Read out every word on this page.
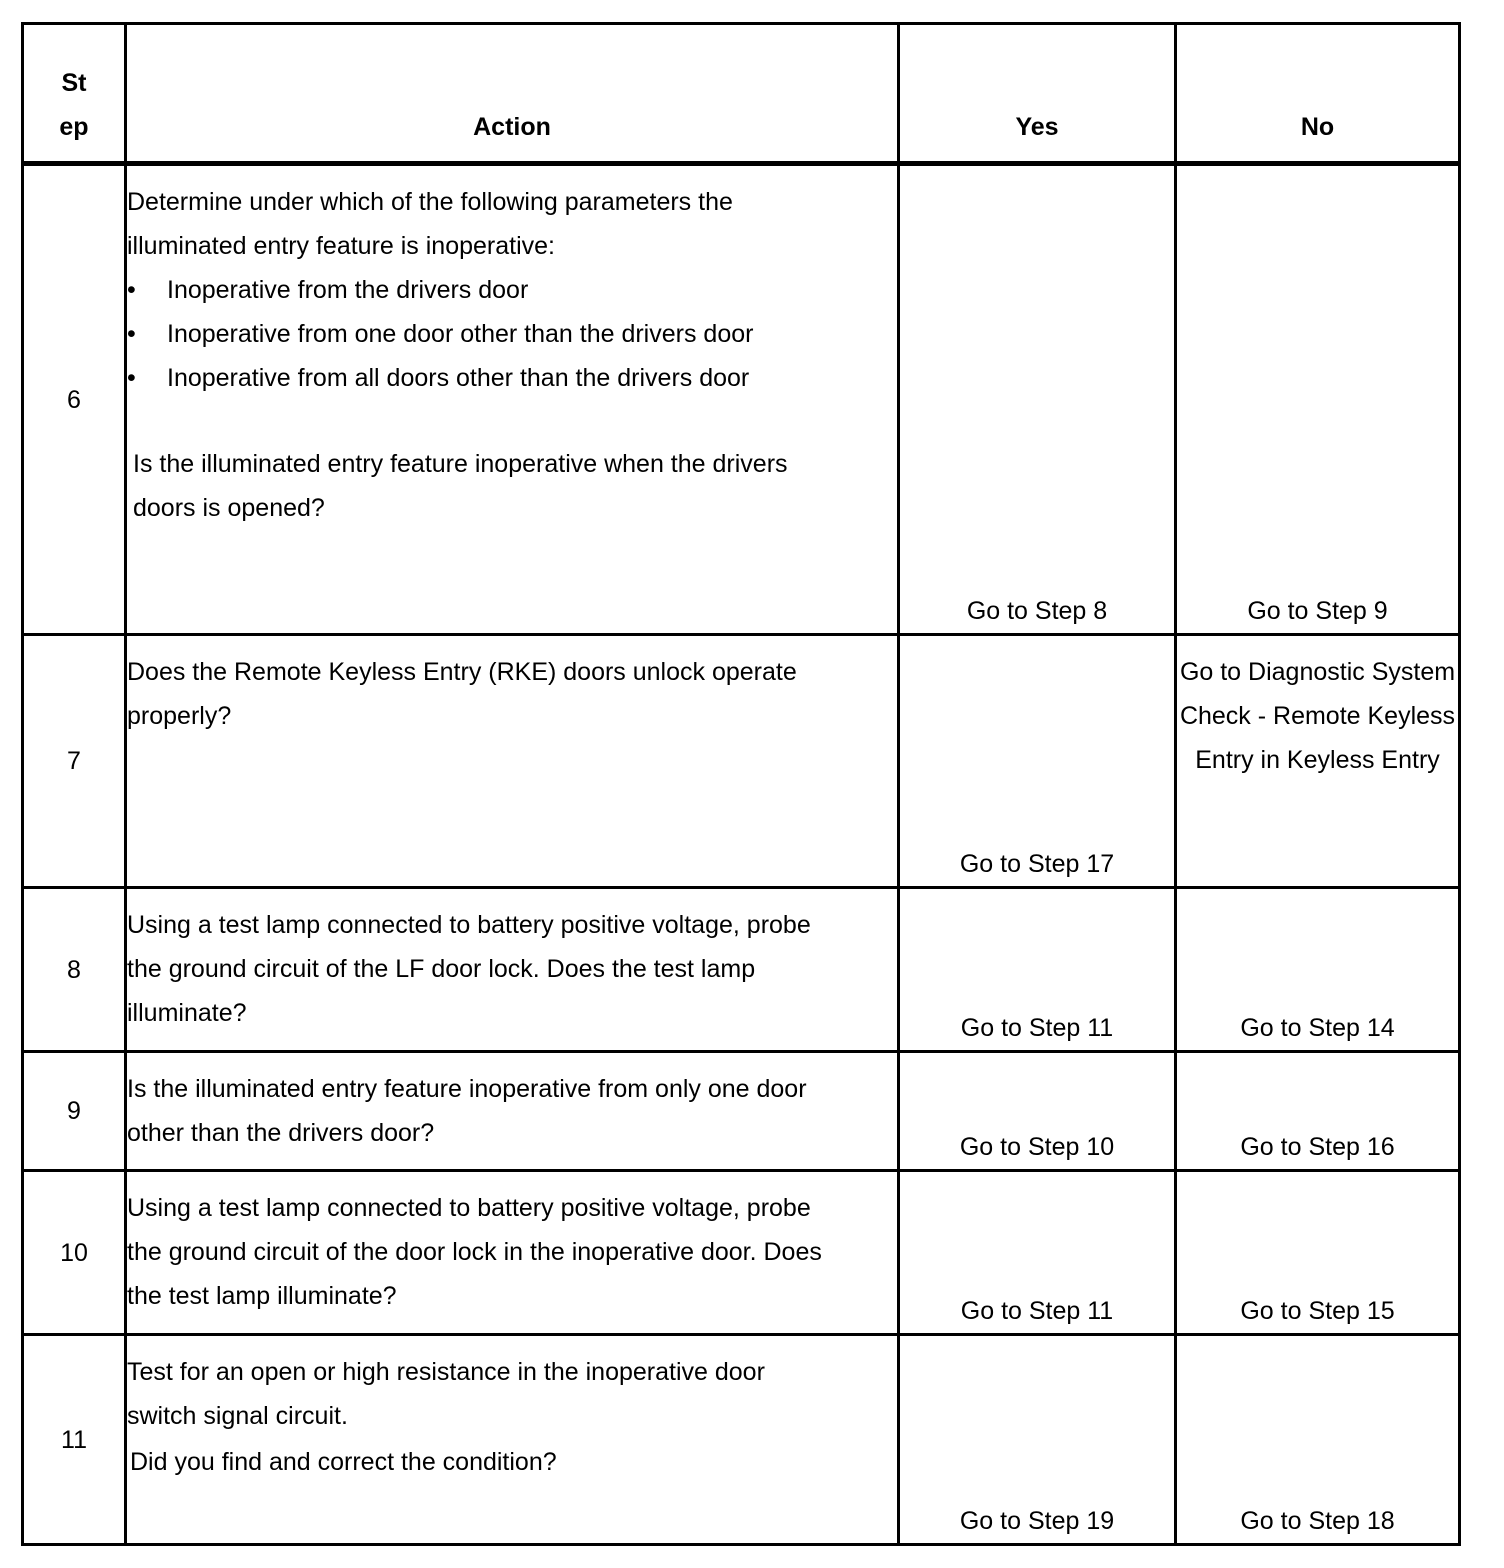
St
ep	Action	Yes	No
6	Determine under which of the following parameters the illuminated entry feature is inoperative:
• Inoperative from the drivers door
• Inoperative from one door other than the drivers door
• Inoperative from all doors other than the drivers door
Is the illuminated entry feature inoperative when the drivers doors is opened?	Go to Step 8	Go to Step 9
7	Does the Remote Keyless Entry (RKE) doors unlock operate properly?	Go to Step 17	Go to Diagnostic System Check - Remote Keyless Entry in Keyless Entry
8	Using a test lamp connected to battery positive voltage, probe the ground circuit of the LF door lock. Does the test lamp illuminate?	Go to Step 11	Go to Step 14
9	Is the illuminated entry feature inoperative from only one door other than the drivers door?	Go to Step 10	Go to Step 16
10	Using a test lamp connected to battery positive voltage, probe the ground circuit of the door lock in the inoperative door. Does the test lamp illuminate?	Go to Step 11	Go to Step 15
11	Test for an open or high resistance in the inoperative door switch signal circuit.
Did you find and correct the condition?	Go to Step 19	Go to Step 18
